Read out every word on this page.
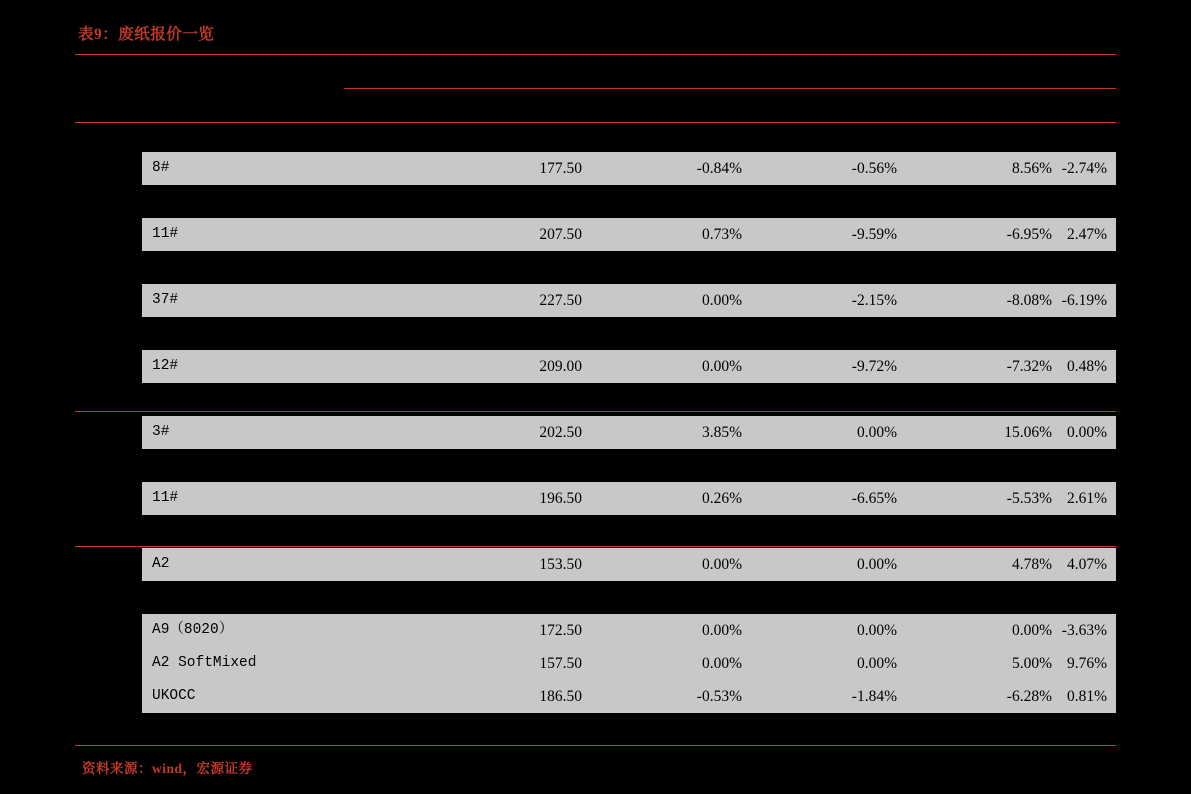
表9：废纸报价一览
8#	177.50	-0.84%	-0.56%	8.56% -2.74%
11#	207.50	0.73%	-9.59%	-6.95% 2.47%
37#	227.50	0.00%	-2.15%	-8.08% -6.19%
12#	209.00	0.00%	-9.72%	-7.32% 0.48%
3#	202.50	3.85%	0.00%	15.06% 0.00%
11#	196.50	0.26%	-6.65%	-5.53% 2.61%
A2	153.50	0.00%	0.00%	4.78% 4.07%
A9（8020）	172.50	0.00%	0.00%	0.00% -3.63%
A2 SoftMixed	157.50	0.00%	0.00%	5.00% 9.76%
UKOCC	186.50	-0.53%	-1.84%	-6.28% 0.81%
资料来源：wind，宏源证券
